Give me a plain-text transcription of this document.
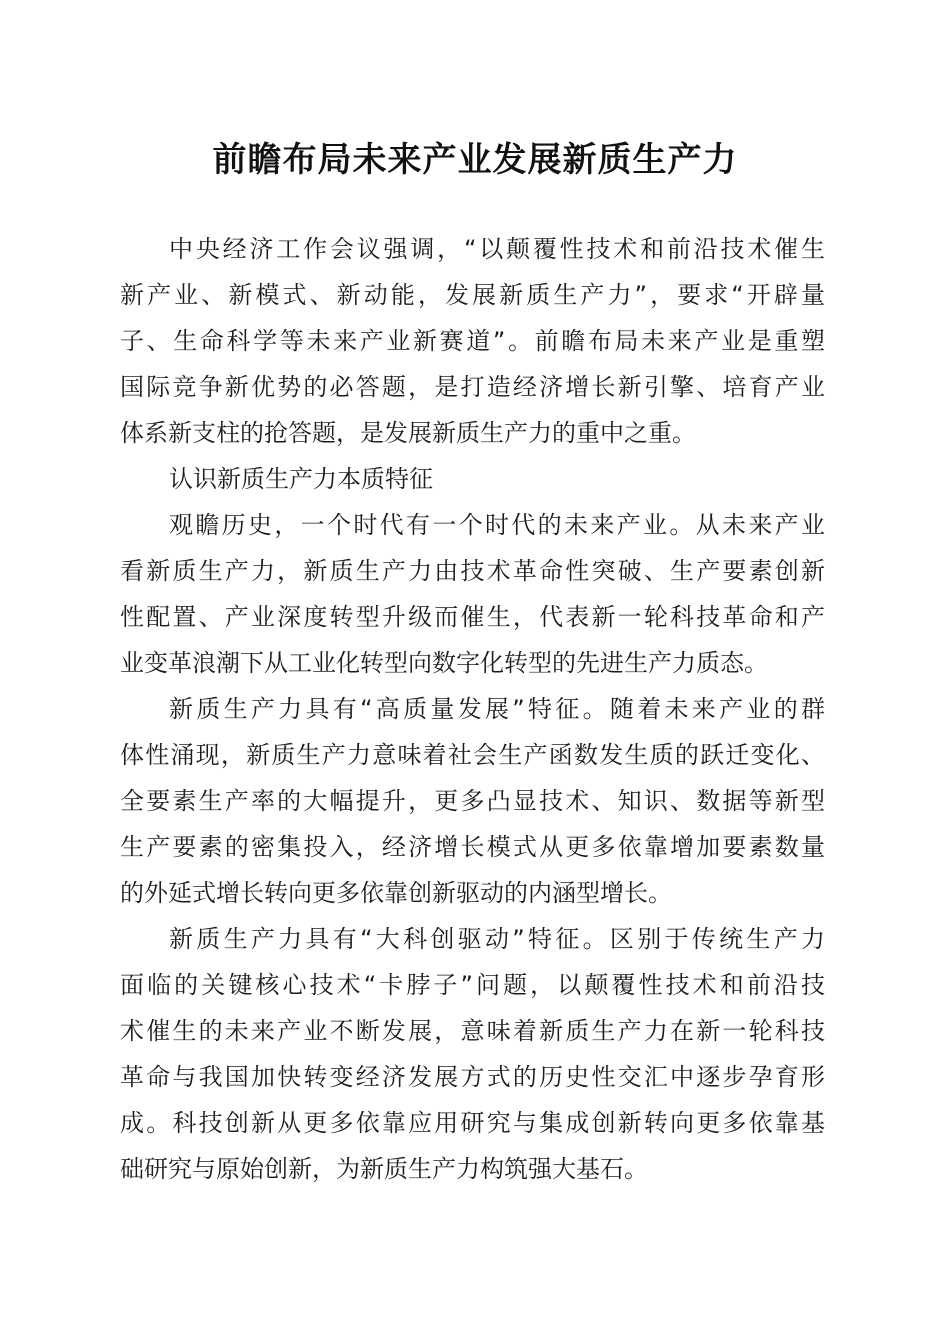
前瞻布局未来产业发展新质生产力
中央经济工作会议强调，“以颠覆性技术和前沿技术催生
新产业、新模式、新动能，发展新质生产力”，要求“开辟量
子、生命科学等未来产业新赛道”。前瞻布局未来产业是重塑
国际竞争新优势的必答题，是打造经济增长新引擎、培育产业
体系新支柱的抢答题，是发展新质生产力的重中之重。
认识新质生产力本质特征
观瞻历史，一个时代有一个时代的未来产业。从未来产业
看新质生产力，新质生产力由技术革命性突破、生产要素创新
性配置、产业深度转型升级而催生，代表新一轮科技革命和产
业变革浪潮下从工业化转型向数字化转型的先进生产力质态。
新质生产力具有“高质量发展”特征。随着未来产业的群
体性涌现，新质生产力意味着社会生产函数发生质的跃迁变化、
全要素生产率的大幅提升，更多凸显技术、知识、数据等新型
生产要素的密集投入，经济增长模式从更多依靠增加要素数量
的外延式增长转向更多依靠创新驱动的内涵型增长。
新质生产力具有“大科创驱动”特征。区别于传统生产力
面临的关键核心技术“卡脖子”问题，以颠覆性技术和前沿技
术催生的未来产业不断发展，意味着新质生产力在新一轮科技
革命与我国加快转变经济发展方式的历史性交汇中逐步孕育形
成。科技创新从更多依靠应用研究与集成创新转向更多依靠基
础研究与原始创新，为新质生产力构筑强大基石。
